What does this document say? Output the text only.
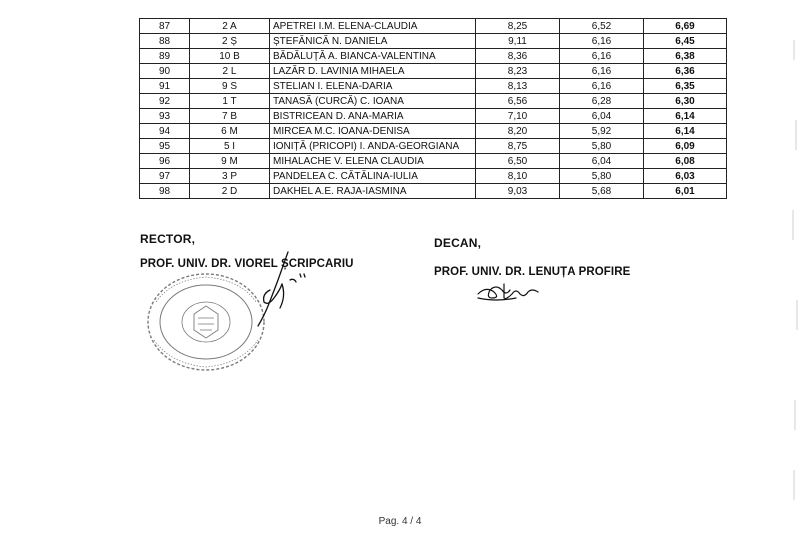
87	2 A	APETREI I.M. ELENA-CLAUDIA	8,25	6,52	6,69
88	2 Ș	ȘTEFĂNICĂ N. DANIELA	9,11	6,16	6,45
89	10 B	BĂDĂLUȚĂ A. BIANCA-VALENTINA	8,36	6,16	6,38
90	2 L	LAZĂR D. LAVINIA MIHAELA	8,23	6,16	6,36
91	9 S	STELIAN I. ELENA-DARIA	8,13	6,16	6,35
92	1 T	TANASĂ (CURCĂ) C. IOANA	6,56	6,28	6,30
93	7 B	BISTRICEAN D. ANA-MARIA	7,10	6,04	6,14
94	6 M	MIRCEA M.C. IOANA-DENISA	8,20	5,92	6,14
95	5 I	IONIȚĂ (PRICOPI) I. ANDA-GEORGIANA	8,75	5,80	6,09
96	9 M	MIHALACHE V. ELENA CLAUDIA	6,50	6,04	6,08
97	3 P	PANDELEA C. CĂTĂLINA-IULIA	8,10	5,80	6,03
98	2 D	DAKHEL A.E. RAJA-IASMINA	9,03	5,68	6,01
RECTOR,
PROF. UNIV. DR. VIOREL ȘCRIPCARIU
DECAN,
PROF. UNIV. DR. LENUȚA PROFIRE
Pag. 4 / 4
